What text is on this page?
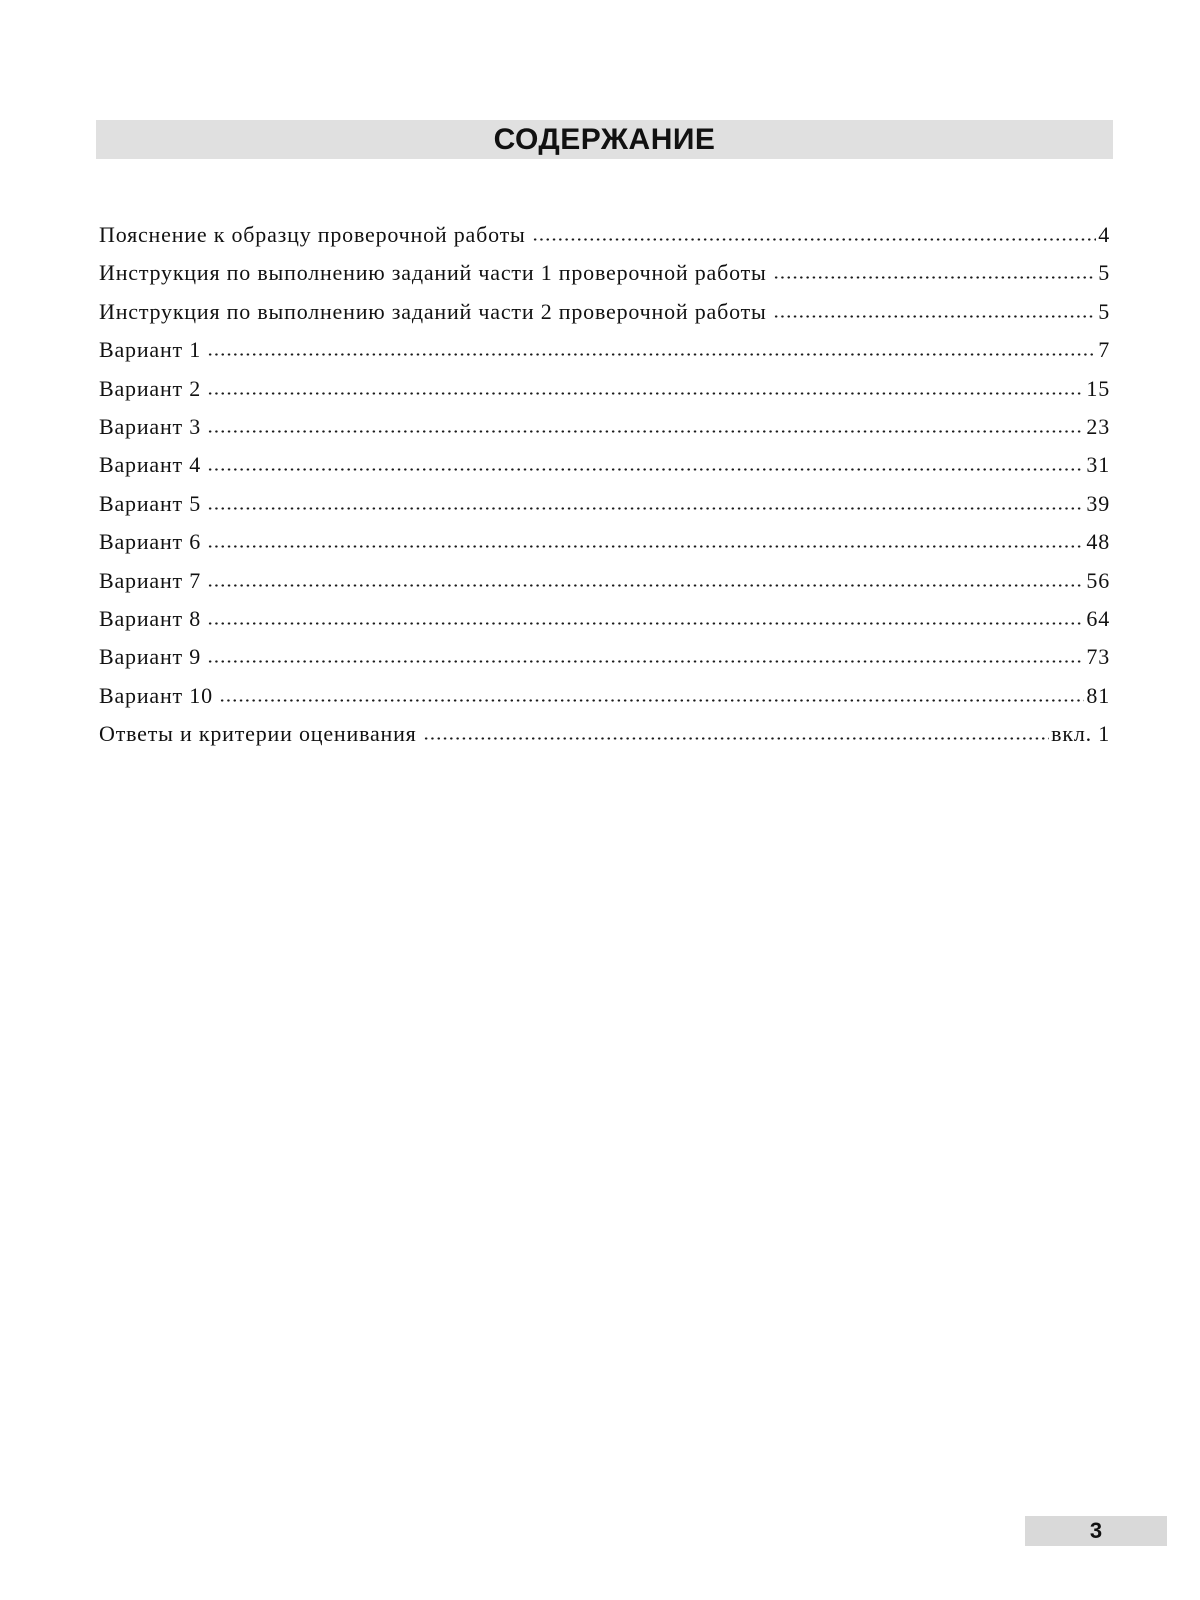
СОДЕРЖАНИЕ
Пояснение к образцу проверочной работы	4
Инструкция по выполнению заданий части 1 проверочной работы	5
Инструкция по выполнению заданий части 2 проверочной работы	5
Вариант 1	7
Вариант 2	15
Вариант 3	23
Вариант 4	31
Вариант 5	39
Вариант 6	48
Вариант 7	56
Вариант 8	64
Вариант 9	73
Вариант 10	81
Ответы и критерии оценивания	вкл. 1
3
